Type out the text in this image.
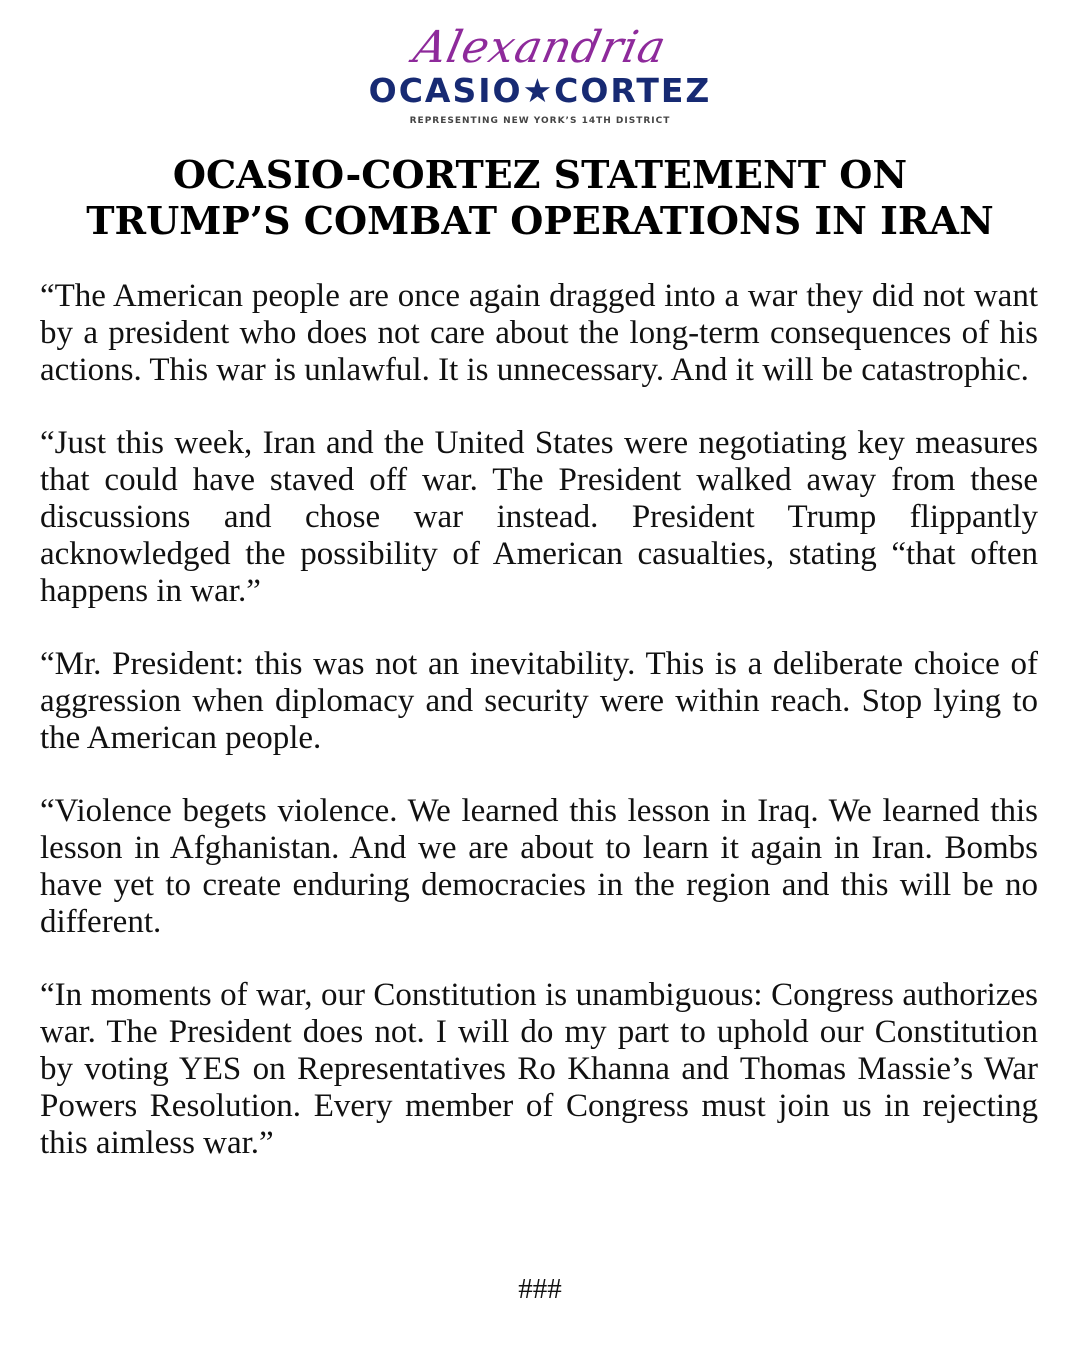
Alexandria
OCASIO★CORTEZ
REPRESENTING NEW YORK’S 14TH DISTRICT
OCASIO-CORTEZ STATEMENT ON
TRUMP’S COMBAT OPERATIONS IN IRAN

“The American people are once again dragged into a war they did not want by a president who does not care about the long-term consequences of his actions. This war is unlawful. It is unnecessary. And it will be catastrophic.

“Just this week, Iran and the United States were negotiating key measures that could have staved off war. The President walked away from these discussions and chose war instead. President Trump flippantly acknowledged the possibility of American casualties, stating “that often happens in war.”

“Mr. President: this was not an inevitability. This is a deliberate choice of aggression when diplomacy and security were within reach. Stop lying to the American people.

“Violence begets violence. We learned this lesson in Iraq. We learned this lesson in Afghanistan. And we are about to learn it again in Iran. Bombs have yet to create enduring democracies in the region and this will be no different.

“In moments of war, our Constitution is unambiguous: Congress authorizes war. The President does not. I will do my part to uphold our Constitution by voting YES on Representatives Ro Khanna and Thomas Massie’s War Powers Resolution. Every member of Congress must join us in rejecting this aimless war.”

###
